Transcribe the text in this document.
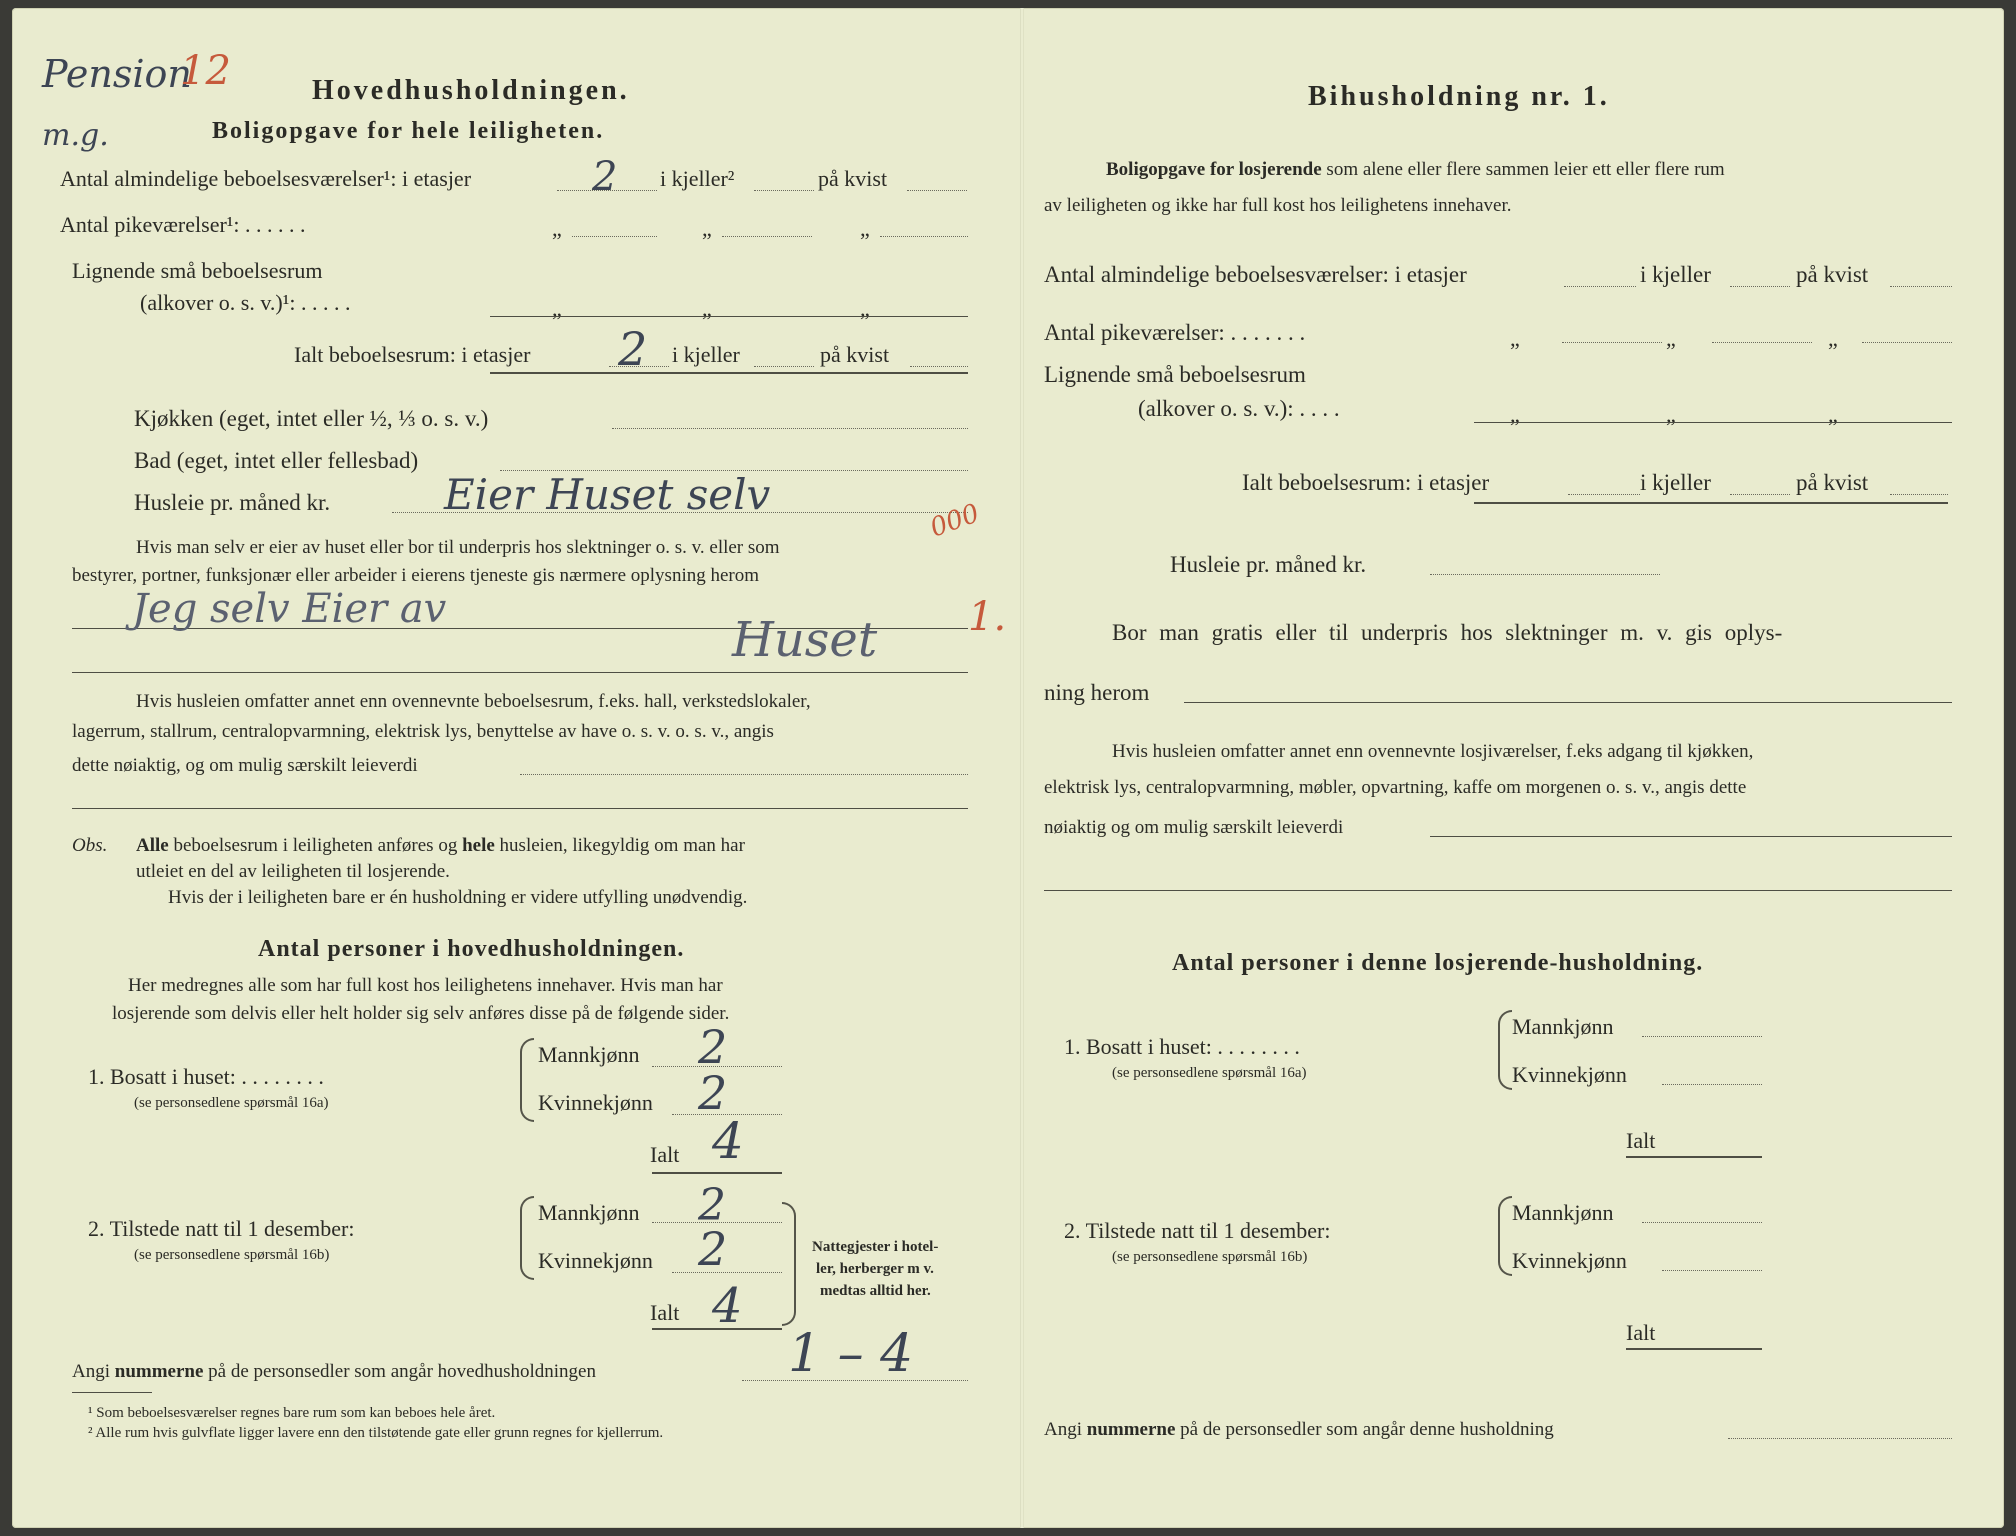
Pension
12
m.g.
Hovedhusholdningen.
Boligopgave for hele leiligheten.
Antal almindelige beboelsesværelser¹: i etasjer	2 i kjeller²	på kvist
Antal pikeværelser¹: . . . . . .	„	„	„
Lignende små beboelsesrum
(alkover o. s. v.)¹: . . . . .	„	„	„
Ialt beboelsesrum: i etasjer 2 i kjeller	på kvist
Kjøkken (eget, intet eller ½, ⅓ o. s. v.)
Bad (eget, intet eller fellesbad)
Husleie pr. måned kr.	Eier Huset selv
000
Hvis man selv er eier av huset eller bor til underpris hos slektninger o. s. v. eller som
bestyrer, portner, funksjonær eller arbeider i eierens tjeneste gis nærmere oplysning herom
Jeg selv Eier av	1.
Huset
Hvis husleien omfatter annet enn ovennevnte beboelsesrum, f.eks. hall, verkstedslokaler,
lagerrum, stallrum, centralopvarmning, elektrisk lys, benyttelse av have o. s. v. o. s. v., angis
dette nøiaktig, og om mulig særskilt leieverdi
Obs. Alle beboelsesrum i leiligheten anføres og hele husleien, likegyldig om man har
utleiet en del av leiligheten til losjerende.
Hvis der i leiligheten bare er én husholdning er videre utfylling unødvendig.
Antal personer i hovedhusholdningen.
Her medregnes alle som har full kost hos leilighetens innehaver. Hvis man har
losjerende som delvis eller helt holder sig selv anføres disse på de følgende sider.
1. Bosatt i huset: . . . . . . . .
(se personsedlene spørsmål 16a)
Mannkjønn 2
Kvinnekjønn 2
Ialt 4
2. Tilstede natt til 1 desember:
(se personsedlene spørsmål 16b)
Mannkjønn 2
Kvinnekjønn 2
Ialt 4
Nattegjester i hotel-
ler, herberger m v.
medtas alltid her.
Angi nummerne på de personsedler som angår hovedhusholdningen	1 – 4
¹ Som beboelsesværelser regnes bare rum som kan beboes hele året.
² Alle rum hvis gulvflate ligger lavere enn den tilstøtende gate eller grunn regnes for kjellerrum.
Bihusholdning nr. 1.
Boligopgave for losjerende som alene eller flere sammen leier ett eller flere rum
av leiligheten og ikke har full kost hos leilighetens innehaver.
Antal almindelige beboelsesværelser: i etasjer	i kjeller	på kvist
Antal pikeværelser: . . . . . . .	„	„	„
Lignende små beboelsesrum
(alkover o. s. v.): . . . .	„	„	„
Ialt beboelsesrum: i etasjer	i kjeller	på kvist
Husleie pr. måned kr.
Bor man gratis eller til underpris hos slektninger m. v. gis oplys-
ning herom
Hvis husleien omfatter annet enn ovennevnte losjiværelser, f.eks adgang til kjøkken,
elektrisk lys, centralopvarmning, møbler, opvartning, kaffe om morgenen o. s. v., angis dette
nøiaktig og om mulig særskilt leieverdi
Antal personer i denne losjerende-husholdning.
1. Bosatt i huset: . . . . . . . .
(se personsedlene spørsmål 16a)
Mannkjønn
Kvinnekjønn
Ialt
2. Tilstede natt til 1 desember:
(se personsedlene spørsmål 16b)
Mannkjønn
Kvinnekjønn
Ialt
Angi nummerne på de personsedler som angår denne husholdning
